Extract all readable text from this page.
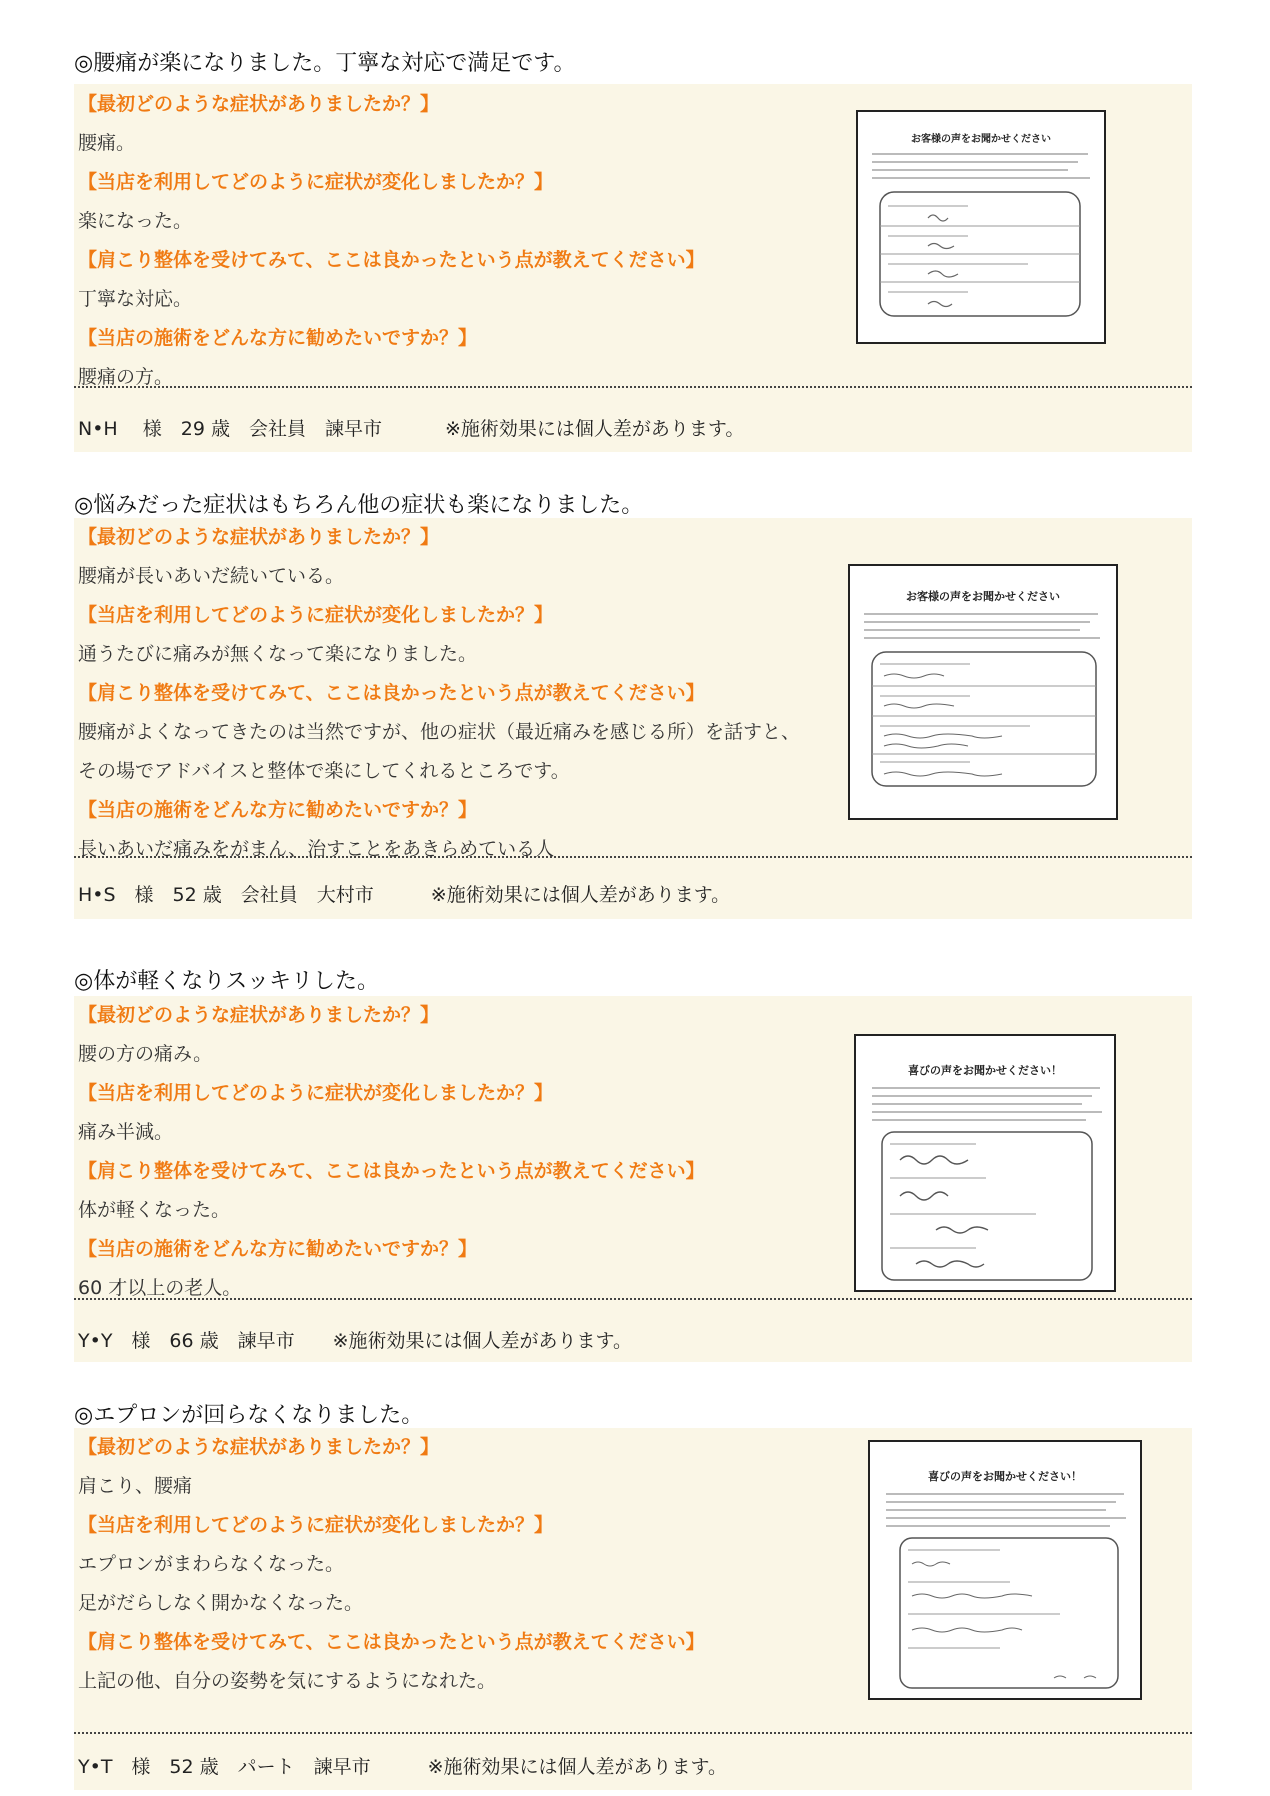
◎腰痛が楽になりました。丁寧な対応で満足です。
【最初どのような症状がありましたか？】
腰痛。
【当店を利用してどのように症状が変化しましたか？】
楽になった。
【肩こり整体を受けてみて、ここは良かったという点が教えてください】
丁寧な対応。
【当店の施術をどんな方に勧めたいですか？】
腰痛の方。
お客様の声をお聞かせください
N•H　 様　29 歳　会社員　諫早市　　　 ※施術効果には個人差があります。
◎悩みだった症状はもちろん他の症状も楽になりました。
【最初どのような症状がありましたか？】
腰痛が長いあいだ続いている。
【当店を利用してどのように症状が変化しましたか？】
通うたびに痛みが無くなって楽になりました。
【肩こり整体を受けてみて、ここは良かったという点が教えてください】
腰痛がよくなってきたのは当然ですが、他の症状（最近痛みを感じる所）を話すと、
その場でアドバイスと整体で楽にしてくれるところです。
【当店の施術をどんな方に勧めたいですか？】
長いあいだ痛みをがまん、治すことをあきらめている人
お客様の声をお聞かせください
H•S　様　52 歳　会社員　大村市　　　※施術効果には個人差があります。
◎体が軽くなりスッキリした。
【最初どのような症状がありましたか？】
腰の方の痛み。
【当店を利用してどのように症状が変化しましたか？】
痛み半減。
【肩こり整体を受けてみて、ここは良かったという点が教えてください】
体が軽くなった。
【当店の施術をどんな方に勧めたいですか？】
60 才以上の老人。
喜びの声をお聞かせください！
Y•Y　様　66 歳　諫早市　　※施術効果には個人差があります。
◎エプロンが回らなくなりました。
【最初どのような症状がありましたか？】
肩こり、腰痛
【当店を利用してどのように症状が変化しましたか？】
エプロンがまわらなくなった。
足がだらしなく開かなくなった。
【肩こり整体を受けてみて、ここは良かったという点が教えてください】
上記の他、自分の姿勢を気にするようになれた。
喜びの声をお聞かせください！
Y•T　様　52 歳　パート　諫早市　　　※施術効果には個人差があります。
